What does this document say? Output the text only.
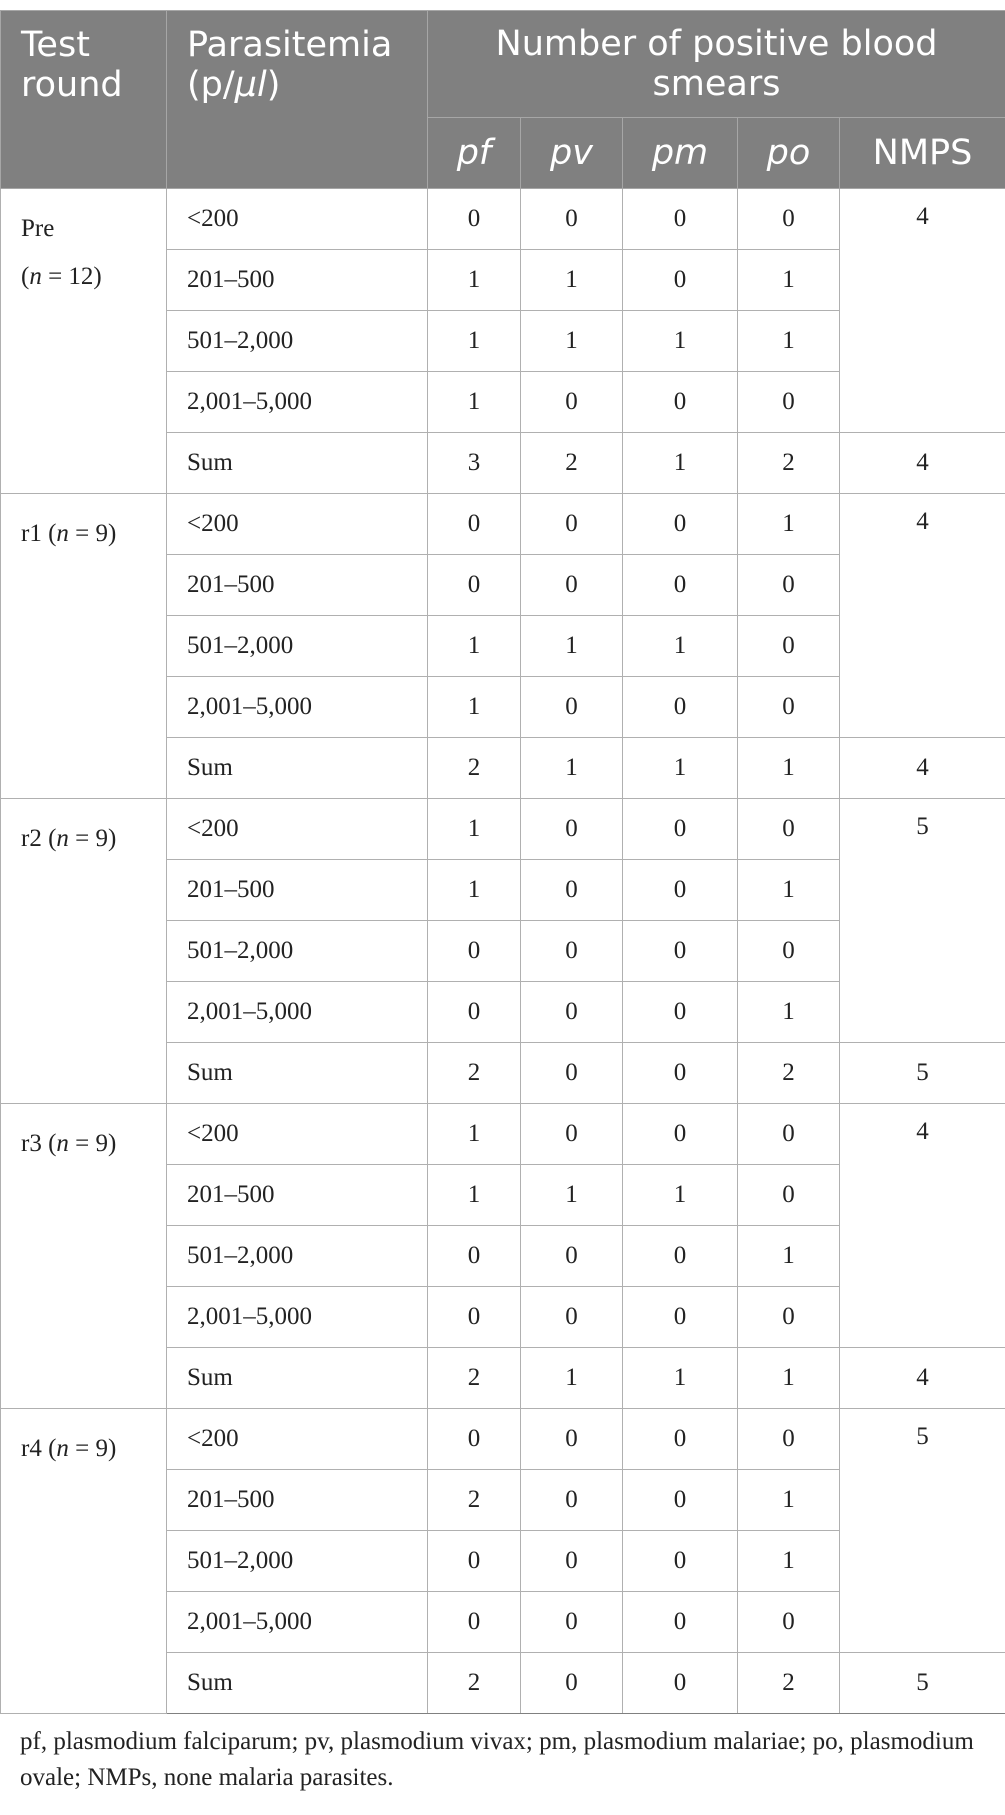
Test round	Parasitemia (p/μl)	Number of positive blood smears				
		pf	pv	pm	po	NMPS
Pre
(n = 12)	<200	0	0	0	0	4
	201–500	1	1	0	1	
	501–2,000	1	1	1	1	
	2,001–5,000	1	0	0	0	
	Sum	3	2	1	2	4
r1 (n = 9)	<200	0	0	0	1	4
	201–500	0	0	0	0	
	501–2,000	1	1	1	0	
	2,001–5,000	1	0	0	0	
	Sum	2	1	1	1	4
r2 (n = 9)	<200	1	0	0	0	5
	201–500	1	0	0	1	
	501–2,000	0	0	0	0	
	2,001–5,000	0	0	0	1	
	Sum	2	0	0	2	5
r3 (n = 9)	<200	1	0	0	0	4
	201–500	1	1	1	0	
	501–2,000	0	0	0	1	
	2,001–5,000	0	0	0	0	
	Sum	2	1	1	1	4
r4 (n = 9)	<200	0	0	0	0	5
	201–500	2	0	0	1	
	501–2,000	0	0	0	1	
	2,001–5,000	0	0	0	0	
	Sum	2	0	0	2	5
pf, plasmodium falciparum; pv, plasmodium vivax; pm, plasmodium malariae; po, plasmodium ovale; NMPs, none malaria parasites.
